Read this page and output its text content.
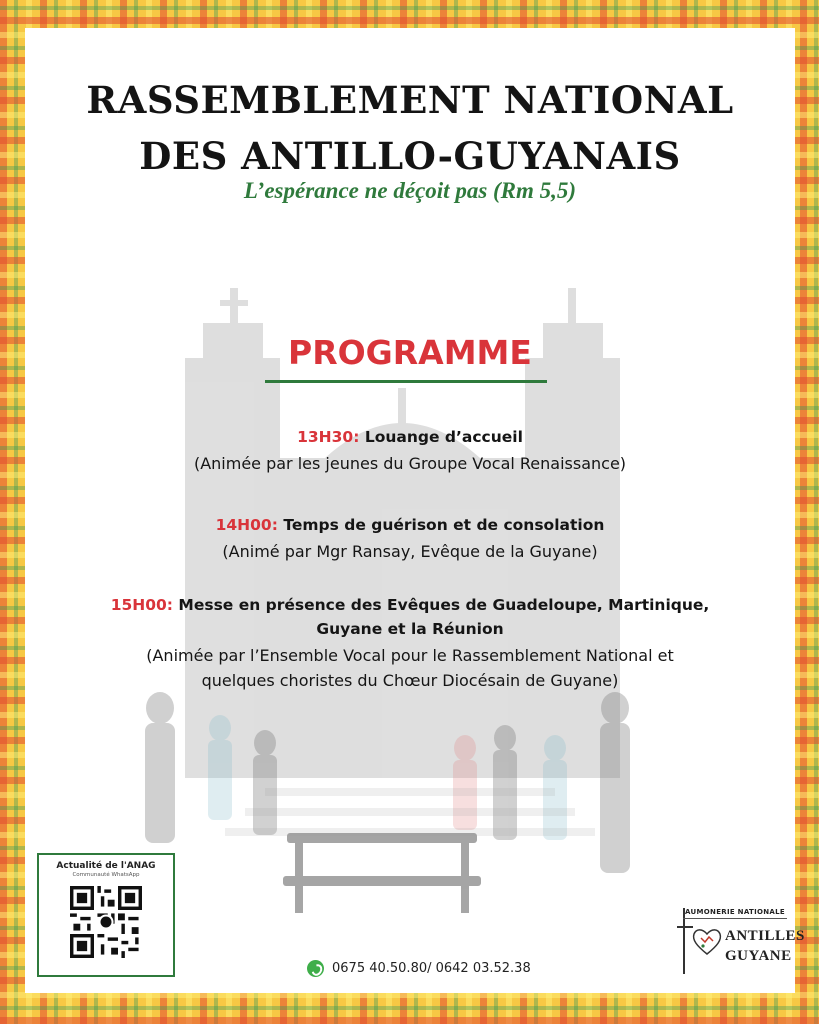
RASSEMBLEMENT NATIONAL
DES ANTILLO-GUYANAIS
L’espérance ne déçoit pas (Rm 5,5)
PROGRAMME
13H30: Louange d’accueil
(Animée par les jeunes du Groupe Vocal Renaissance)
14H00: Temps de guérison et de consolation
(Animé par Mgr Ransay, Evêque de la Guyane)
15H00: Messe en présence des Evêques de Guadeloupe, Martinique,
Guyane et la Réunion
(Animée par l’Ensemble Vocal pour le Rassemblement National et
quelques choristes du Chœur Diocésain de Guyane)
Actualité de l'ANAG
Communauté WhatsApp
0675 40.50.80/ 0642 03.52.38
AUMONERIE NATIONALE
ANTILLES
GUYANE
